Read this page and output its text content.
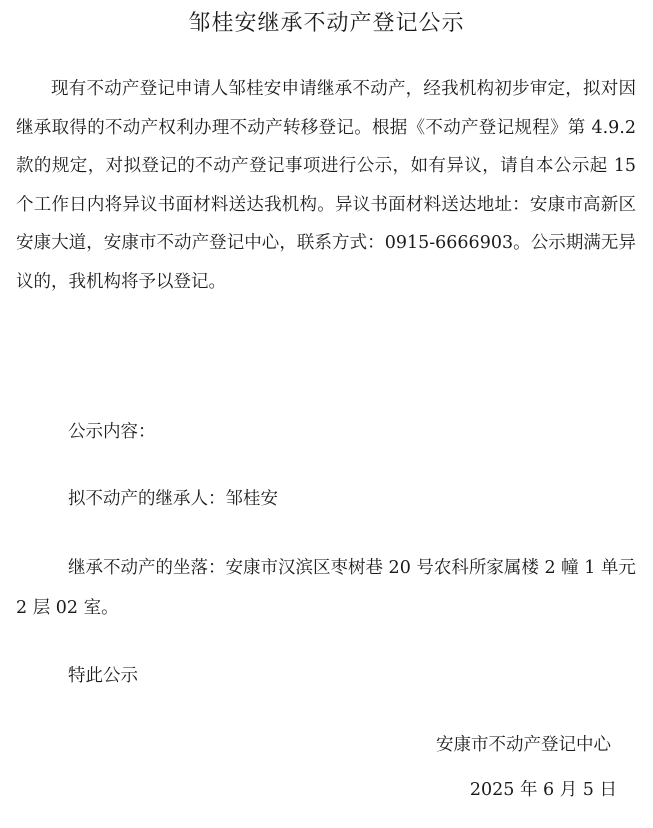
邹桂安继承不动产登记公示

现有不动产登记申请人邹桂安申请继承不动产，经我机构初步审定，拟对因继承取得的不动产权利办理不动产转移登记。根据《不动产登记规程》第 4.9.2 款的规定，对拟登记的不动产登记事项进行公示，如有异议，请自本公示起 15 个工作日内将异议书面材料送达我机构。异议书面材料送达地址：安康市高新区安康大道，安康市不动产登记中心，联系方式：0915-6666903。公示期满无异议的，我机构将予以登记。

公示内容：

拟不动产的继承人：邹桂安

继承不动产的坐落：安康市汉滨区枣树巷 20 号农科所家属楼 2 幢 1 单元 2 层 02 室。

特此公示

安康市不动产登记中心
2025 年 6 月 5 日
